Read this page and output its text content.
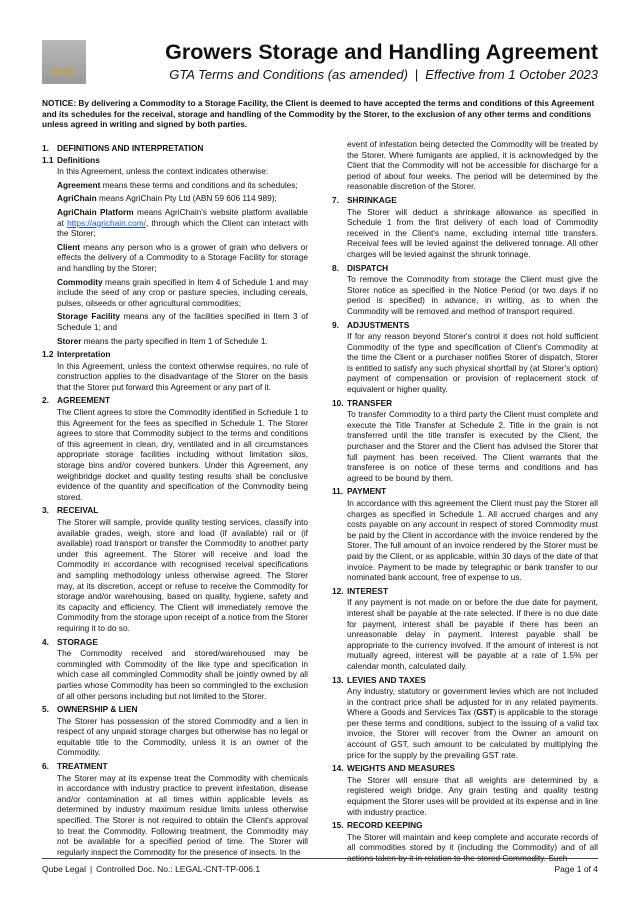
QUBE
Growers Storage and Handling Agreement
GTA Terms and Conditions (as amended) | Effective from 1 October 2023

NOTICE: By delivering a Commodity to a Storage Facility, the Client is deemed to have accepted the terms and conditions of this Agreement and its schedules for the receival, storage and handling of the Commodity by the Storer, to the exclusion of any other terms and conditions unless agreed in writing and signed by both parties.

1. DEFINITIONS AND INTERPRETATION
1.1 Definitions

In this Agreement, unless the context indicates otherwise:

Agreement means these terms and conditions and its schedules;

AgriChain means AgriChain Pty Ltd (ABN 59 606 114 989);

AgriChain Platform means AgriChain's website platform available at https://agrichain.com/, through which the Client can interact with the Storer;

Client means any person who is a grower of grain who delivers or effects the delivery of a Commodity to a Storage Facility for storage and handling by the Storer;

Commodity means grain specified in Item 4 of Schedule 1 and may include the seed of any crop or pasture species, including cereals, pulses, oilseeds or other agricultural commodities;

Storage Facility means any of the facilities specified in Item 3 of Schedule 1; and

Storer means the party specified in Item 1 of Schedule 1.

1.2 Interpretation

In this Agreement, unless the context otherwise requires, no rule of construction applies to the disadvantage of the Storer on the basis that the Storer put forward this Agreement or any part of it.

2. AGREEMENT

The Client agrees to store the Commodity identified in Schedule 1 to this Agreement for the fees as specified in Schedule 1. The Storer agrees to store that Commodity subject to the terms and conditions of this agreement in clean, dry, ventilated and in all circumstances appropriate storage facilities including without limitation silos, storage bins and/or covered bunkers. Under this Agreement, any weighbridge docket and quality testing results shall be conclusive evidence of the quantity and specification of the Commodity being stored.

3. RECEIVAL

The Storer will sample, provide quality testing services, classify into available grades, weigh, store and load (if available) rail or (if available) road transport or transfer the Commodity to another party under this agreement. The Storer will receive and load the Commodity in accordance with recognised receival specifications and sampling methodology unless otherwise agreed. The Storer may, at its discretion, accept or refuse to receive the Commodity for storage and/or warehousing, based on quality, hygiene, safety and its capacity and efficiency. The Client will immediately remove the Commodity from the storage upon receipt of a notice from the Storer requiring it to do so.

4. STORAGE

The Commodity received and stored/warehoused may be commingled with Commodity of the like type and specification in which case all commingled Commodity shall be jointly owned by all parties whose Commodity has been so commingled to the exclusion of all other persons including but not limited to the Storer.

5. OWNERSHIP & LIEN

The Storer has possession of the stored Commodity and a lien in respect of any unpaid storage charges but otherwise has no legal or equitable title to the Commodity, unless it is an owner of the Commodity.

6. TREATMENT

The Storer may at its expense treat the Commodity with chemicals in accordance with industry practice to prevent infestation, disease and/or contamination at all times within applicable levels as determined by industry maximum residue limits unless otherwise specified. The Storer is not required to obtain the Client's approval to treat the Commodity. Following treatment, the Commodity may not be available for a specified period of time. The Storer will regularly inspect the Commodity for the presence of insects. In the

event of infestation being detected the Commodity will be treated by the Storer. Where fumigants are applied, it is acknowledged by the Client that the Commodity will not be accessible for discharge for a period of about four weeks. The period will be determined by the reasonable discretion of the Storer.

7. SHRINKAGE

The Storer will deduct a shrinkage allowance as specified in Schedule 1 from the first delivery of each load of Commodity received in the Client's name, excluding internal title transfers. Receival fees will be levied against the delivered tonnage. All other charges will be levied against the shrunk tonnage.

8. DISPATCH

To remove the Commodity from storage the Client must give the Storer notice as specified in the Notice Period (or two days if no period is specified) in advance, in writing, as to when the Commodity will be removed and method of transport required.

9. ADJUSTMENTS

If for any reason beyond Storer's control it does not hold sufficient Commodity of the type and specification of Client's Commodity at the time the Client or a purchaser notifies Storer of dispatch, Storer is entitled to satisfy any such physical shortfall by (at Storer's option) payment of compensation or provision of replacement stock of equivalent or higher quality.

10. TRANSFER

To transfer Commodity to a third party the Client must complete and execute the Title Transfer at Schedule 2. Title in the grain is not transferred until the title transfer is executed by the Client, the purchaser and the Storer and the Client has advised the Storer that full payment has been received. The Client warrants that the transferee is on notice of these terms and conditions and has agreed to be bound by them.

11. PAYMENT

In accordance with this agreement the Client must pay the Storer all charges as specified in Schedule 1. All accrued charges and any costs payable on any account in respect of stored Commodity must be paid by the Client in accordance with the invoice rendered by the Storer. The full amount of an invoice rendered by the Storer must be paid by the Client, or as applicable, within 30 days of the date of that invoice. Payment to be made by telegraphic or bank transfer to our nominated bank account, free of expense to us.

12. INTEREST

If any payment is not made on or before the due date for payment, interest shall be payable at the rate selected. If there is no due date for payment, interest shall be payable if there has been an unreasonable delay in payment. Interest payable shall be appropriate to the currency involved. If the amount of interest is not mutually agreed, interest will be payable at a rate of 1.5% per calendar month, calculated daily.

13. LEVIES AND TAXES

Any industry, statutory or government levies which are not included in the contract price shall be adjusted for in any related payments. Where a Goods and Services Tax (GST) is applicable to the storage per these terms and conditions, subject to the issuing of a valid tax invoice, the Storer will recover from the Owner an amount on account of GST, such amount to be calculated by multiplying the price for the supply by the prevailing GST rate.

14. WEIGHTS AND MEASURES

The Storer will ensure that all weights are determined by a registered weigh bridge. Any grain testing and quality testing equipment the Storer uses will be provided at its expense and in line with industry practice.

15. RECORD KEEPING

The Storer will maintain and keep complete and accurate records of all commodities stored by it (including the Commodity) and of all actions taken by it in relation to the stored Commodity. Such

Qube Legal | Controlled Doc. No.: LEGAL-CNT-TP-006.1	Page 1 of 4
